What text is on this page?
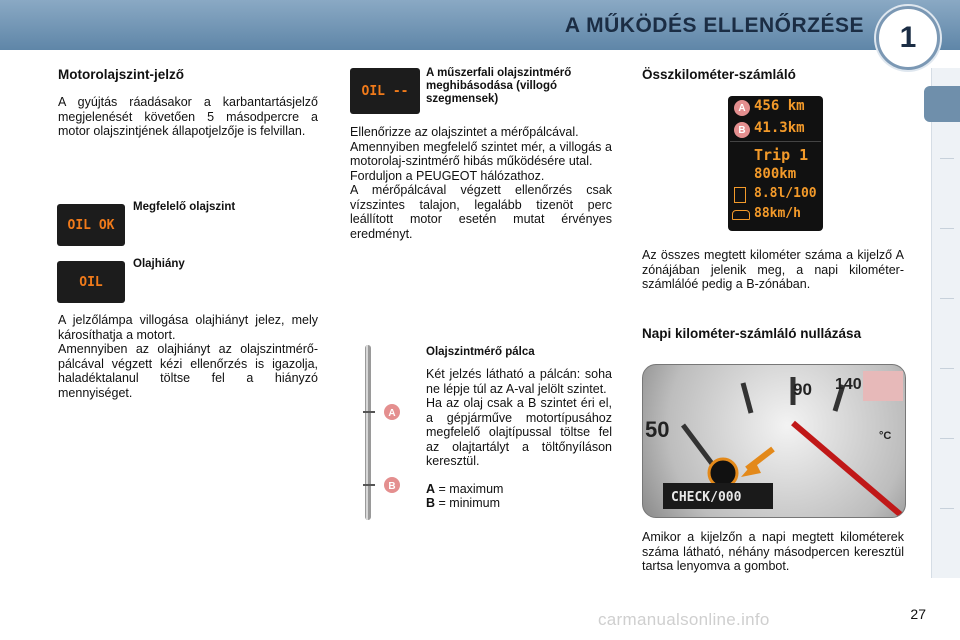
A MŰKÖDÉS ELLENŐRZÉSE	1
Motorolajszint-jelző
A gyújtás ráadásakor a karbantartásjelző megjelenését követően 5 másodpercre a motor olajszintjének állapotjelzője is felvillan.
OIL OK
Megfelelő olajszint
OIL
Olajhiány
A jelzőlámpa villogása olajhiányt jelez, mely károsíthatja a motort.
Amennyiben az olajhiányt az olajszintmérő-pálcával végzett kézi ellenőrzés is igazolja, haladéktalanul töltse fel a hiányzó mennyiséget.
OIL --
A műszerfali olajszintmérő meghibásodása (villogó szegmensek)
Ellenőrizze az olajszintet a mérőpálcával.
Amennyiben megfelelő szintet mér, a villogás a motorolaj-szintmérő hibás működésére utal.
Forduljon a PEUGEOT hálózathoz.
A mérőpálcával végzett ellenőrzés csak vízszintes talajon, legalább tizenöt perc leállított motor esetén mutat érvényes eredményt.
A
B
Olajszintmérő pálca
Két jelzés látható a pálcán: soha ne lépje túl az A-val jelölt szintet.
Ha az olaj csak a B szintet éri el, a gépjárműve motortípusához megfelelő olajtípussal töltse fel az olajtartályt a töltőnyíláson keresztül.
A = maximum
B = minimum
Összkilométer-számláló
A 456 km
B 41.3km
Trip 1
800km
8.8l/100
88km/h
Az összes megtett kilométer száma a kijelző A zónájában jelenik meg, a napi kilométer-számlálóé pedig a B-zónában.
Napi kilométer-számláló nullázása
50
90 140
°C
CHECK/000
Amikor a kijelzőn a napi megtett kilométerek száma látható, néhány másodpercen keresztül tartsa lenyomva a gombot.
carmanualsonline.info	27
